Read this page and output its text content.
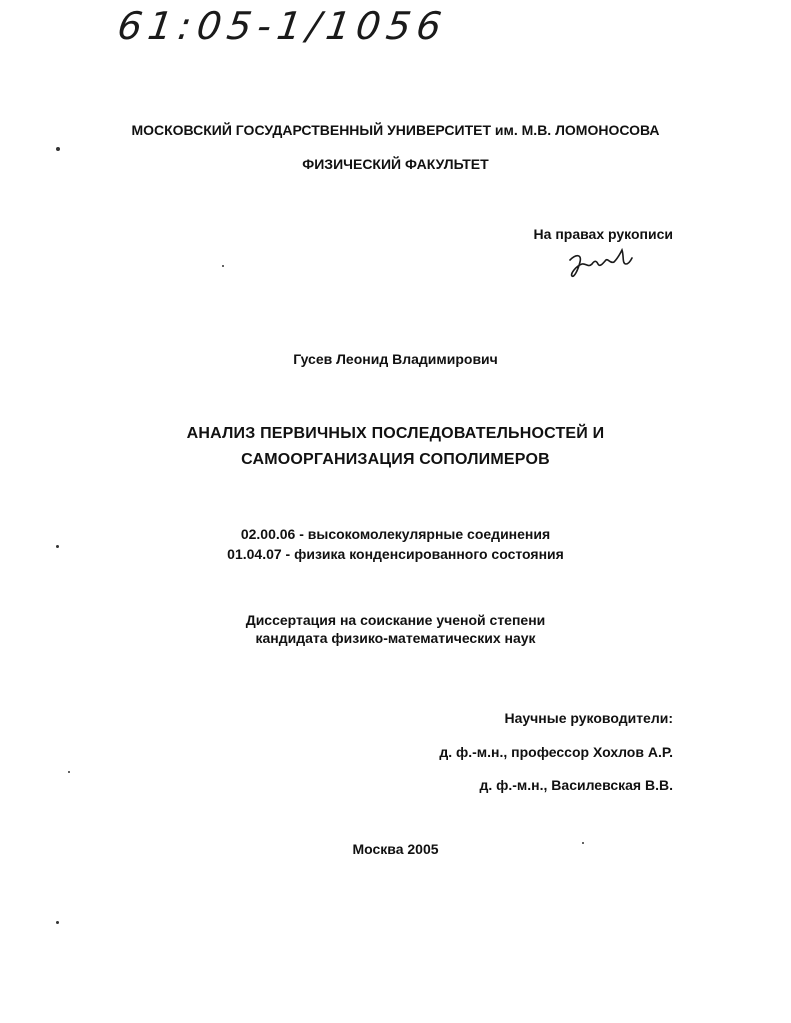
61:05-1/1056
МОСКОВСКИЙ ГОСУДАРСТВЕННЫЙ УНИВЕРСИТЕТ им. М.В. ЛОМОНОСОВА
ФИЗИЧЕСКИЙ ФАКУЛЬТЕТ
На правах рукописи
Гусев Леонид Владимирович
АНАЛИЗ ПЕРВИЧНЫХ ПОСЛЕДОВАТЕЛЬНОСТЕЙ И
САМООРГАНИЗАЦИЯ СОПОЛИМЕРОВ
02.00.06 - высокомолекулярные соединения
01.04.07 - физика конденсированного состояния
Диссертация на соискание ученой степени
кандидата физико-математических наук
Научные руководители:
д. ф.-м.н., профессор Хохлов А.Р.
д. ф.-м.н., Василевская В.В.
Москва 2005
